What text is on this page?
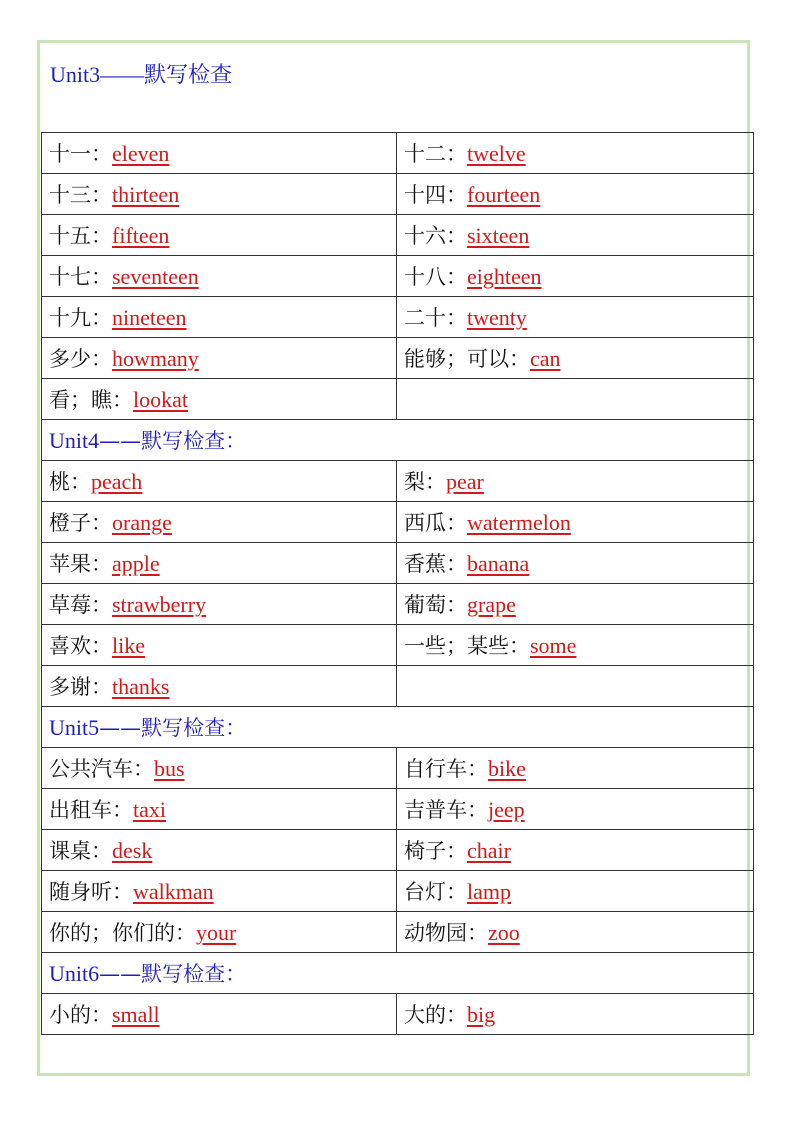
Unit3——默写检查
十一：eleven	十二：twelve
十三：thirteen	十四：fourteen
十五：fifteen	十六：sixteen
十七：seventeen	十八：eighteen
十九：nineteen	二十：twenty
多少：howmany	能够；可以：can
看；瞧：lookat	
Unit4——默写检查：	
桃：peach	梨：pear
橙子：orange	西瓜：watermelon
苹果：apple	香蕉：banana
草莓：strawberry	葡萄：grape
喜欢：like	一些；某些：some
多谢：thanks	
Unit5——默写检查：	
公共汽车：bus	自行车：bike
出租车：taxi	吉普车：jeep
课桌：desk	椅子：chair
随身听：walkman	台灯：lamp
你的；你们的：your	动物园：zoo
Unit6——默写检查：	
小的：small	大的：big
